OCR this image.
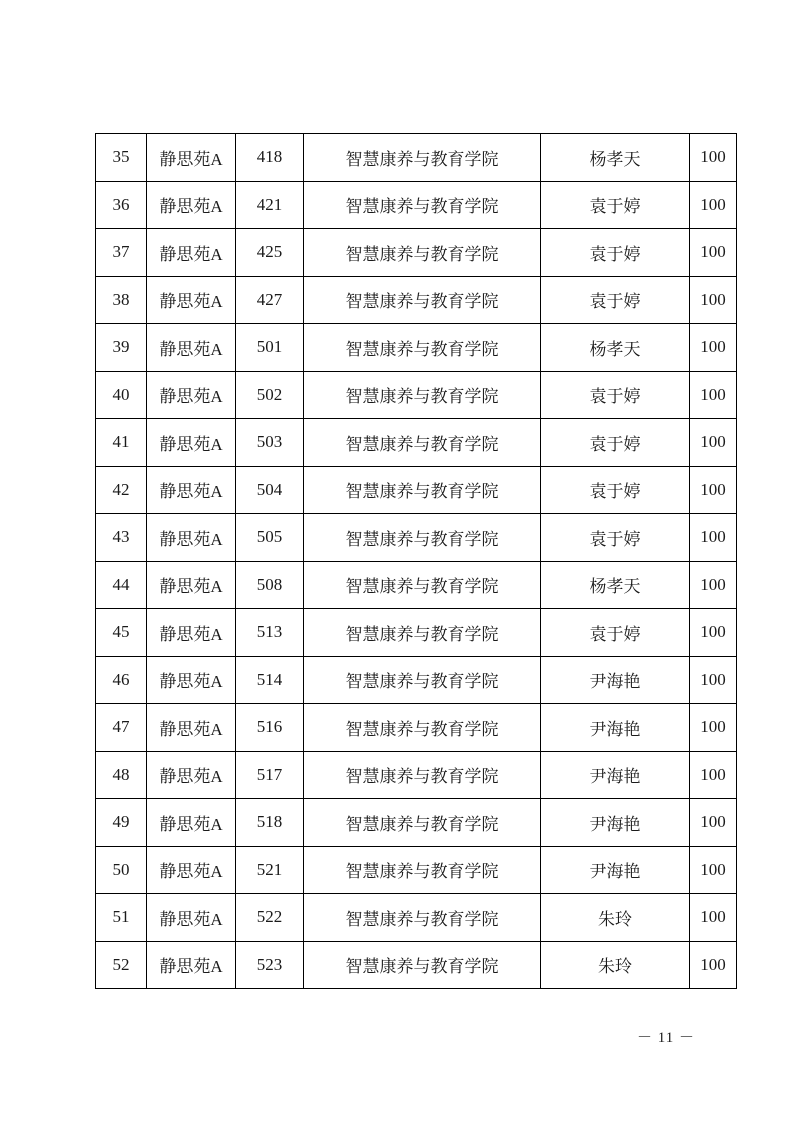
35	静思苑A	418	智慧康养与教育学院	杨孝天	100
36	静思苑A	421	智慧康养与教育学院	袁于婷	100
37	静思苑A	425	智慧康养与教育学院	袁于婷	100
38	静思苑A	427	智慧康养与教育学院	袁于婷	100
39	静思苑A	501	智慧康养与教育学院	杨孝天	100
40	静思苑A	502	智慧康养与教育学院	袁于婷	100
41	静思苑A	503	智慧康养与教育学院	袁于婷	100
42	静思苑A	504	智慧康养与教育学院	袁于婷	100
43	静思苑A	505	智慧康养与教育学院	袁于婷	100
44	静思苑A	508	智慧康养与教育学院	杨孝天	100
45	静思苑A	513	智慧康养与教育学院	袁于婷	100
46	静思苑A	514	智慧康养与教育学院	尹海艳	100
47	静思苑A	516	智慧康养与教育学院	尹海艳	100
48	静思苑A	517	智慧康养与教育学院	尹海艳	100
49	静思苑A	518	智慧康养与教育学院	尹海艳	100
50	静思苑A	521	智慧康养与教育学院	尹海艳	100
51	静思苑A	522	智慧康养与教育学院	朱玲	100
52	静思苑A	523	智慧康养与教育学院	朱玲	100
－ 11 －
